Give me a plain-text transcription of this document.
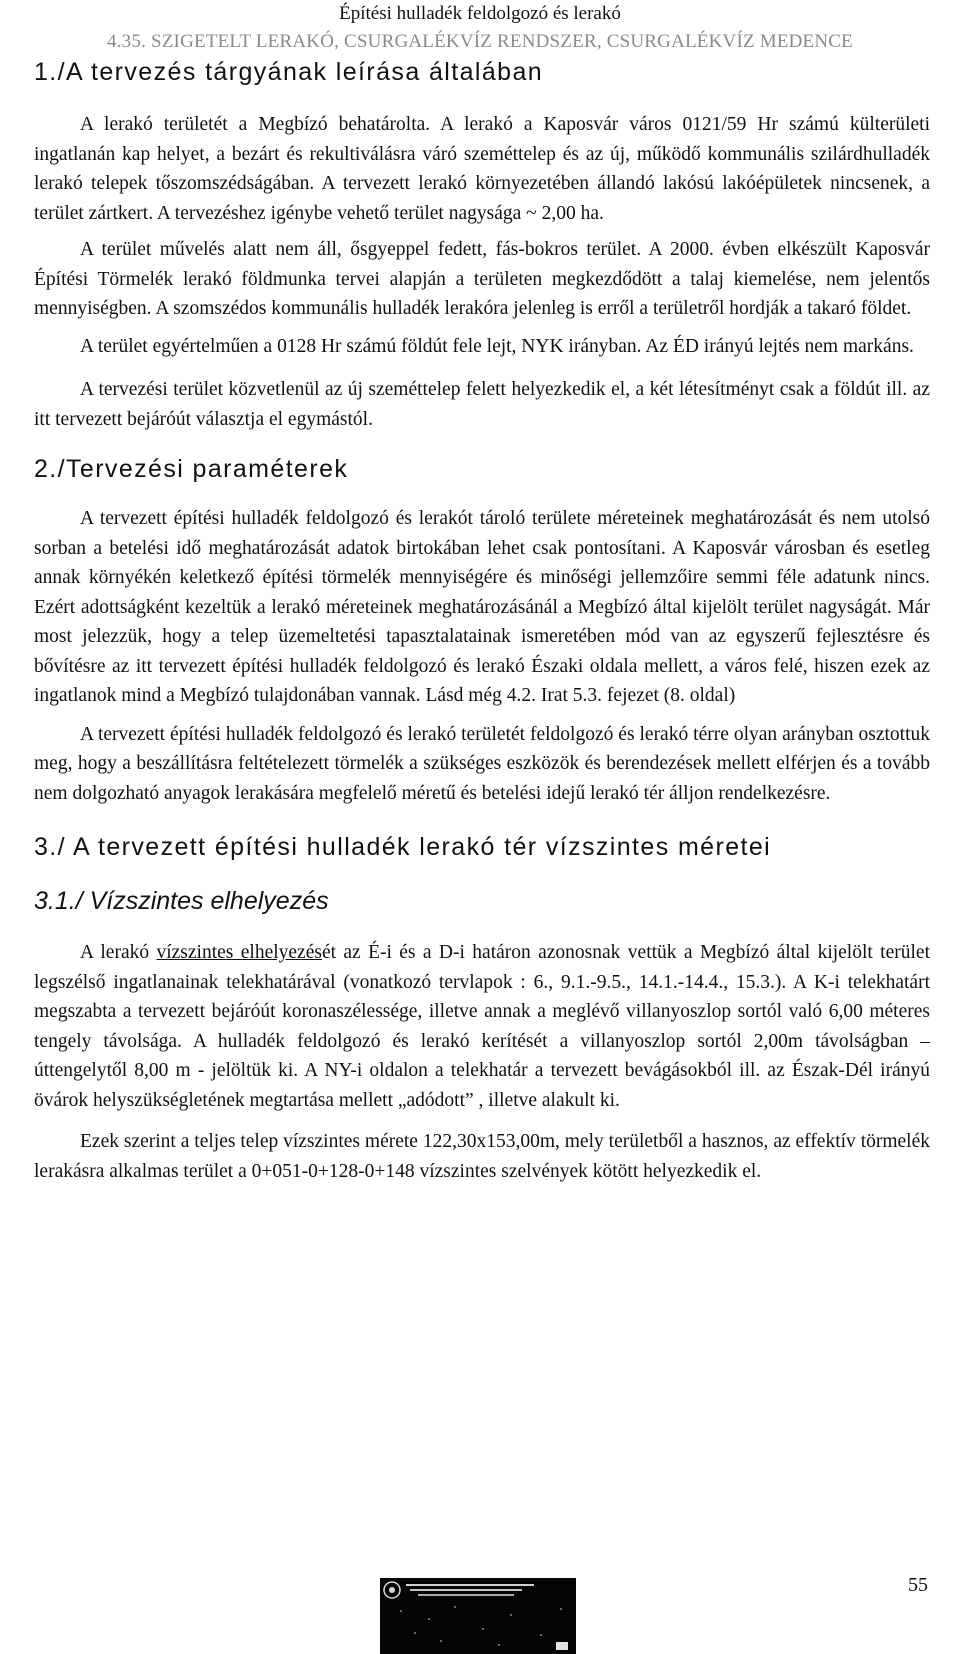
Építési hulladék feldolgozó és lerakó
4.35. SZIGETELT LERAKÓ, CSURGALÉKVÍZ RENDSZER, CSURGALÉKVÍZ MEDENCE
1./A tervezés tárgyának leírása általában

A lerakó területét a Megbízó behatárolta. A lerakó a Kaposvár város 0121/59 Hr számú külterületi ingatlanán kap helyet, a bezárt és rekultiválásra váró szeméttelep és az új, működő kommunális szilárdhulladék lerakó telepek tőszomszédságában. A tervezett lerakó környezetében állandó lakósú lakóépületek nincsenek, a terület zártkert. A tervezéshez igénybe vehető terület nagysága ~ 2,00 ha.

A terület művelés alatt nem áll, ősgyeppel fedett, fás-bokros terület. A 2000. évben elkészült Kaposvár Építési Törmelék lerakó földmunka tervei alapján a területen megkezdődött a talaj kiemelése, nem jelentős mennyiségben. A szomszédos kommunális hulladék lerakóra jelenleg is erről a területről hordják a takaró földet.

A terület egyértelműen a 0128 Hr számú földút fele lejt, NYK irányban. Az ÉD irányú lejtés nem markáns.

A tervezési terület közvetlenül az új szeméttelep felett helyezkedik el, a két létesítményt csak a földút ill. az itt tervezett bejáróút választja el egymástól.

2./Tervezési paraméterek

A tervezett építési hulladék feldolgozó és lerakót tároló területe méreteinek meghatározását és nem utolsó sorban a betelési idő meghatározását adatok birtokában lehet csak pontosítani. A Kaposvár városban és esetleg annak környékén keletkező építési törmelék mennyiségére és minőségi jellemzőire semmi féle adatunk nincs. Ezért adottságként kezeltük a lerakó méreteinek meghatározásánál a Megbízó által kijelölt terület nagyságát. Már most jelezzük, hogy a telep üzemeltetési tapasztalatainak ismeretében mód van az egyszerű fejlesztésre és bővítésre az itt tervezett építési hulladék feldolgozó és lerakó Északi oldala mellett, a város felé, hiszen ezek az ingatlanok mind a Megbízó tulajdonában vannak. Lásd még 4.2. Irat 5.3. fejezet (8. oldal)

A tervezett építési hulladék feldolgozó és lerakó területét feldolgozó és lerakó térre olyan arányban osztottuk meg, hogy a beszállításra feltételezett törmelék a szükséges eszközök és berendezések mellett elférjen és a tovább nem dolgozható anyagok lerakására megfelelő méretű és betelési idejű lerakó tér álljon rendelkezésre.

3./ A tervezett építési hulladék lerakó tér vízszintes méretei
3.1./ Vízszintes elhelyezés

A lerakó vízszintes elhelyezését az É-i és a D-i határon azonosnak vettük a Megbízó által kijelölt terület legszélső ingatlanainak telekhatárával (vonatkozó tervlapok : 6., 9.1.-9.5., 14.1.-14.4., 15.3.). A K-i telekhatárt megszabta a tervezett bejáróút koronaszélessége, illetve annak a meglévő villanyoszlop sortól való 6,00 méteres tengely távolsága. A hulladék feldolgozó és lerakó kerítését a villanyoszlop sortól 2,00m távolságban – úttengelytől 8,00 m - jelöltük ki. A NY-i oldalon a telekhatár a tervezett bevágásokból ill. az Észak-Dél irányú övárok helyszükségletének megtartása mellett „adódott” , illetve alakult ki.

Ezek szerint a teljes telep vízszintes mérete 122,30x153,00m, mely területből a hasznos, az effektív törmelék lerakásra alkalmas terület a 0+051-0+128-0+148 vízszintes szelvények kötött helyezkedik el.

55
